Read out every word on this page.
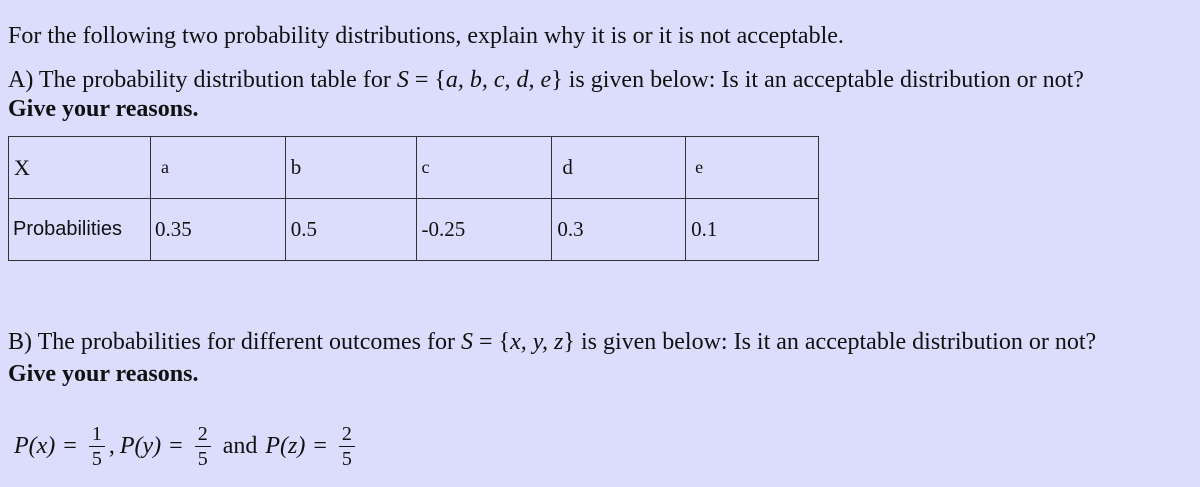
For the following two probability distributions, explain why it is or it is not acceptable.
A) The probability distribution table for S = {a, b, c, d, e} is given below: Is it an acceptable distribution or not?
Give your reasons.
X	a	b	c	d	e
Probabilities	0.35	0.5	-0.25	0.3	0.1
B) The probabilities for different outcomes for S = {x, y, z} is given below: Is it an acceptable distribution or not?
Give your reasons.
$P(x) = \frac{1}{5}$ , $P(y) = \frac{2}{5}$ and $P(z) = \frac{2}{5}$
